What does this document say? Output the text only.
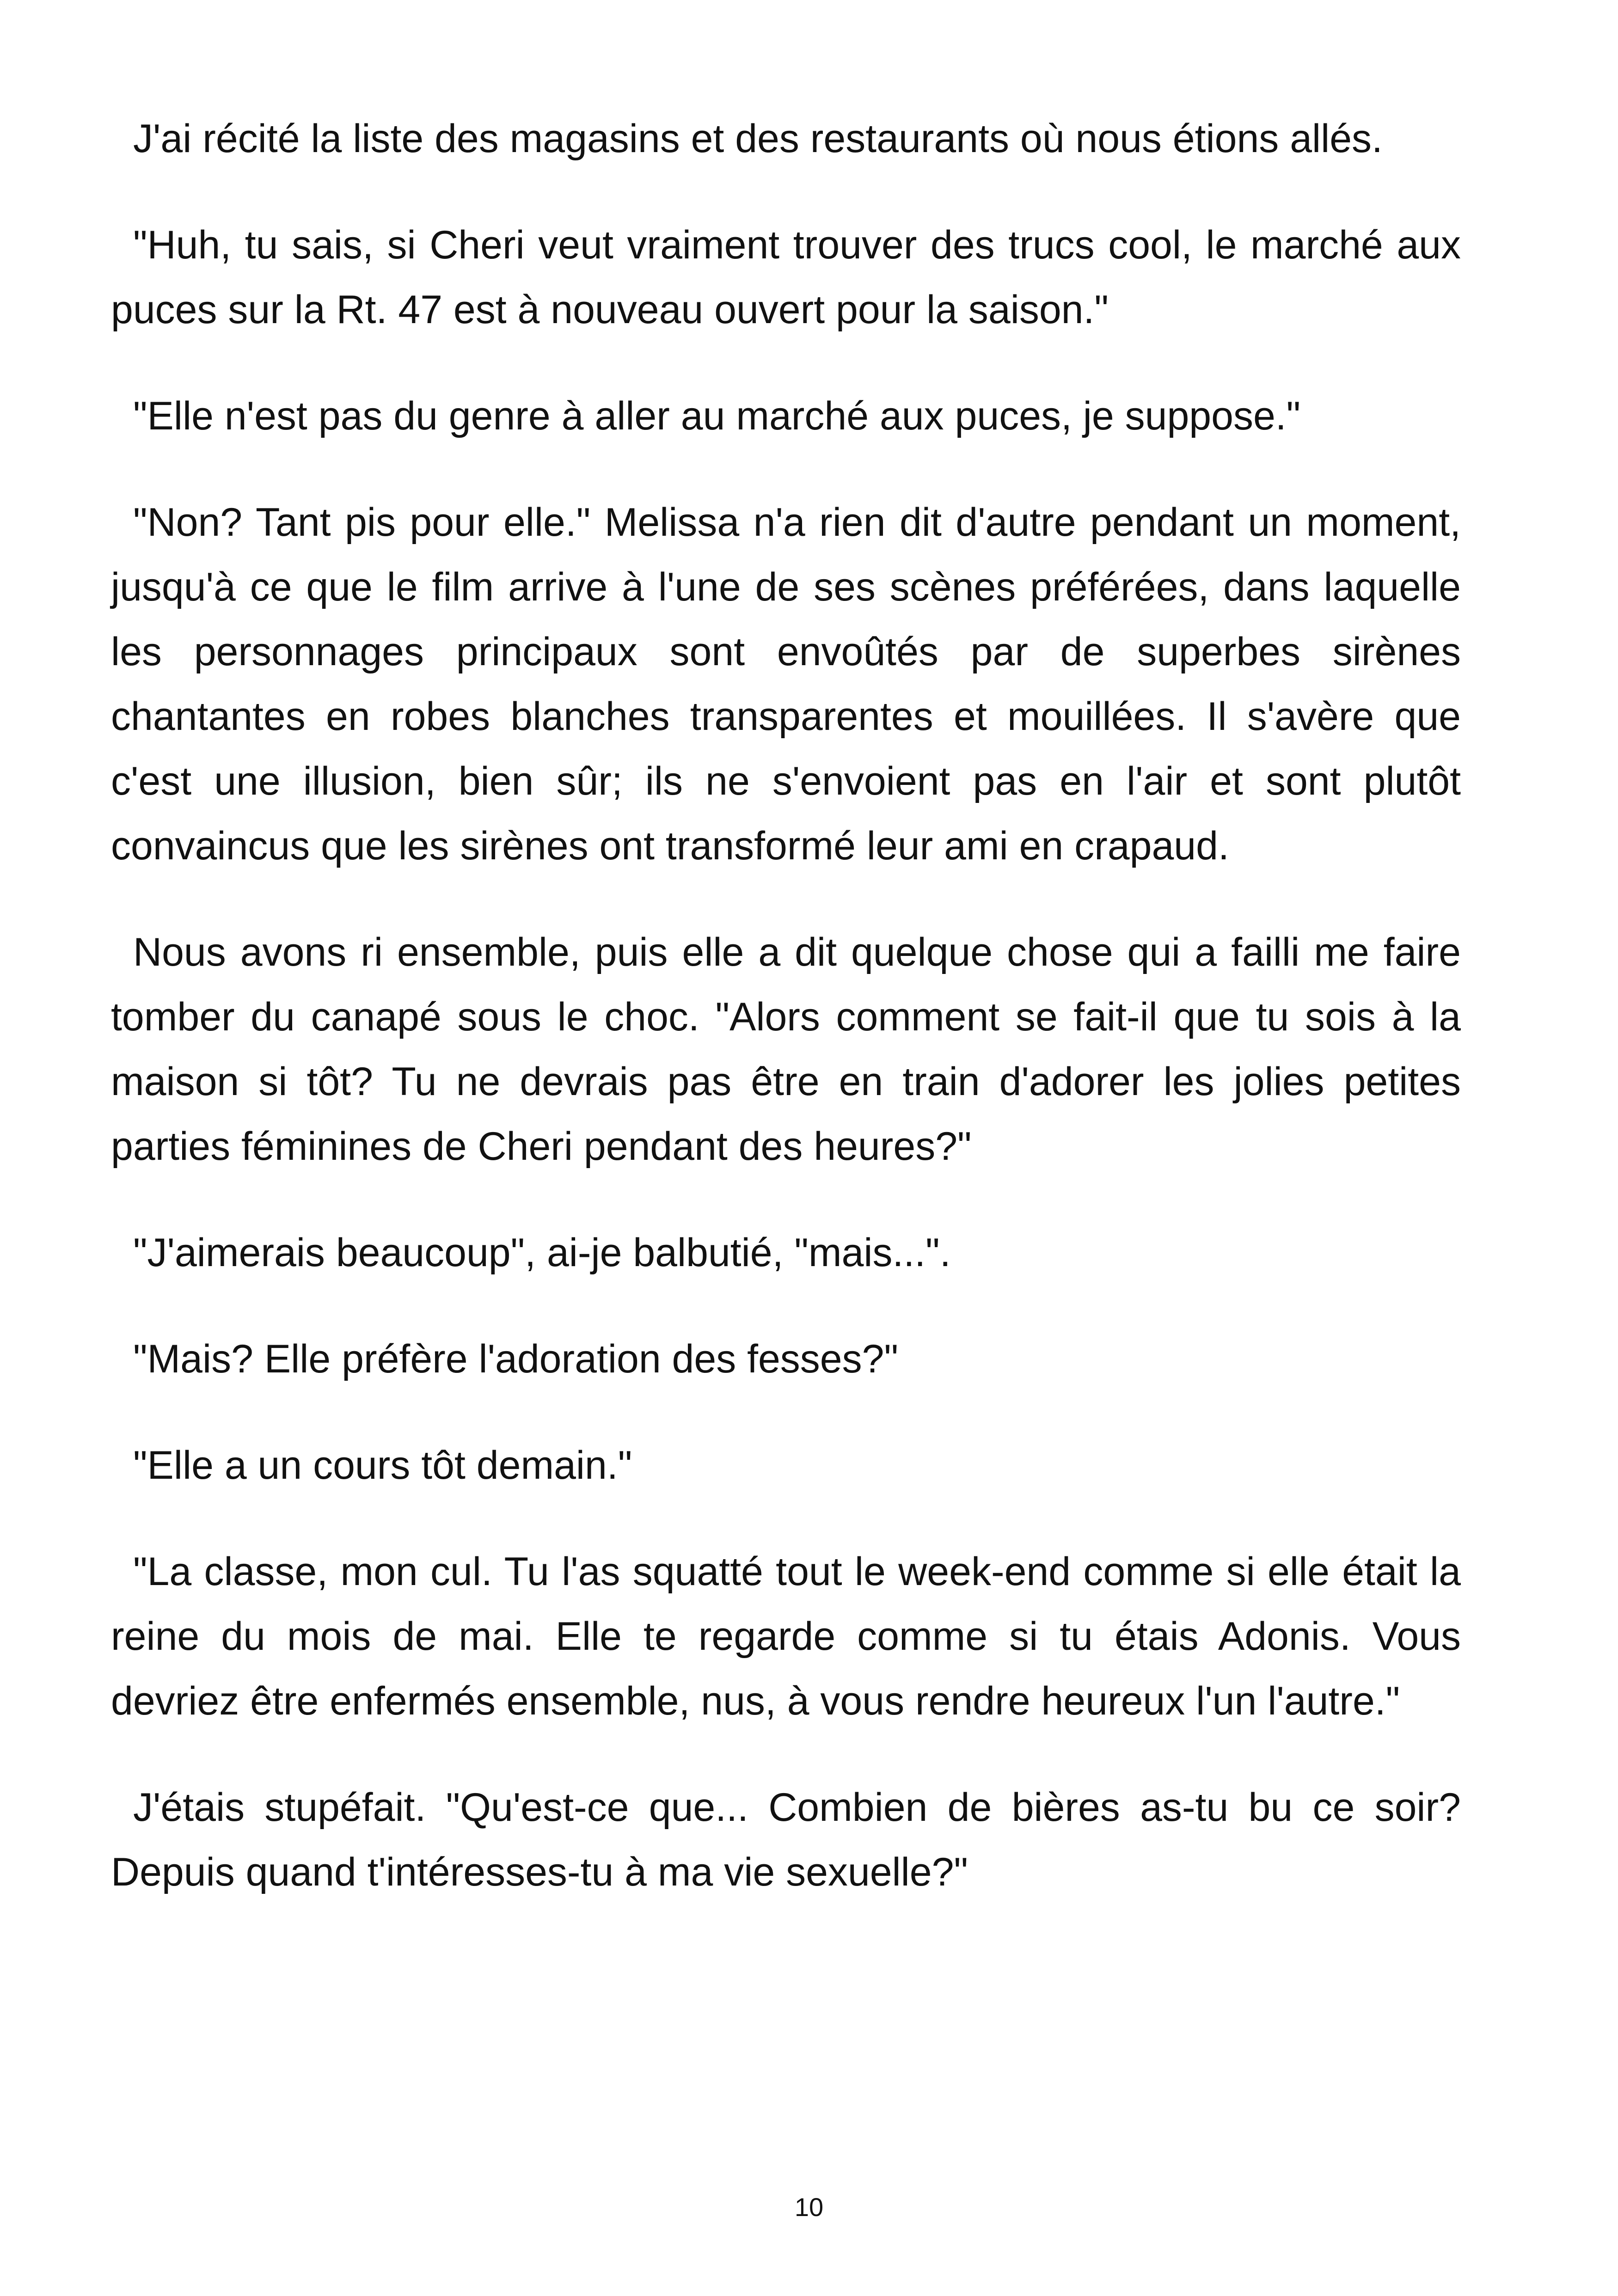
J'ai récité la liste des magasins et des restaurants où nous étions allés.

"Huh, tu sais, si Cheri veut vraiment trouver des trucs cool, le marché aux puces sur la Rt. 47 est à nouveau ouvert pour la saison."

"Elle n'est pas du genre à aller au marché aux puces, je suppose."

"Non? Tant pis pour elle." Melissa n'a rien dit d'autre pendant un moment, jusqu'à ce que le film arrive à l'une de ses scènes préférées, dans laquelle les personnages principaux sont envoûtés par de superbes sirènes chantantes en robes blanches transparentes et mouillées. Il s'avère que c'est une illusion, bien sûr; ils ne s'envoient pas en l'air et sont plutôt convaincus que les sirènes ont transformé leur ami en crapaud.

Nous avons ri ensemble, puis elle a dit quelque chose qui a failli me faire tomber du canapé sous le choc. "Alors comment se fait-il que tu sois à la maison si tôt? Tu ne devrais pas être en train d'adorer les jolies petites parties féminines de Cheri pendant des heures?"

"J'aimerais beaucoup", ai-je balbutié, "mais...".

"Mais? Elle préfère l'adoration des fesses?"

"Elle a un cours tôt demain."

"La classe, mon cul. Tu l'as squatté tout le week-end comme si elle était la reine du mois de mai. Elle te regarde comme si tu étais Adonis. Vous devriez être enfermés ensemble, nus, à vous rendre heureux l'un l'autre."

J'étais stupéfait. "Qu'est-ce que... Combien de bières as-tu bu ce soir? Depuis quand t'intéresses-tu à ma vie sexuelle?"

10
